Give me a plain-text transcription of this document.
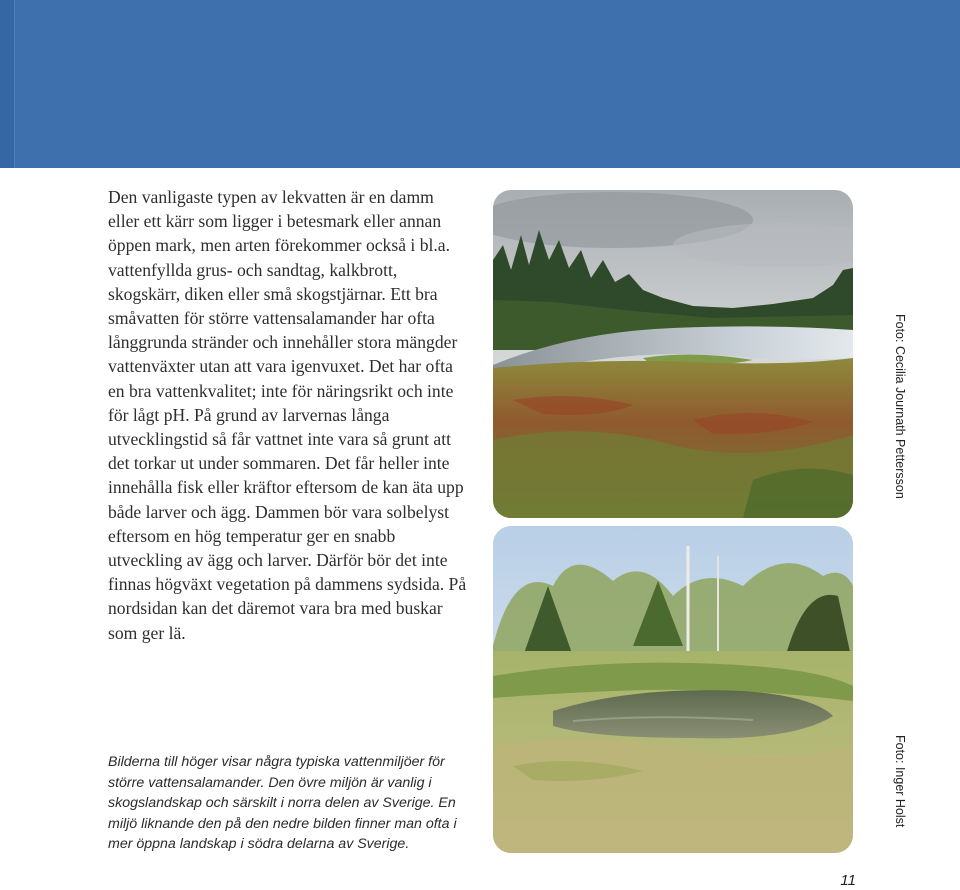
Den vanligaste typen av lekvatten är en damm eller ett kärr som ligger i betesmark eller annan öppen mark, men arten förekommer också i bl.a. vattenfyllda grus- och sandtag, kalkbrott, skogskärr, diken eller små skogstjärnar. Ett bra småvatten för större vattensalamander har ofta långgrunda stränder och innehåller stora mängder vattenväxter utan att vara igenvuxet. Det har ofta en bra vattenkvalitet; inte för näringsrikt och inte för lågt pH. På grund av larvernas långa utvecklingstid så får vattnet inte vara så grunt att det torkar ut under sommaren. Det får heller inte innehålla fisk eller kräftor eftersom de kan äta upp både larver och ägg. Dammen bör vara solbelyst eftersom en hög temperatur ger en snabb utveckling av ägg och larver. Därför bör det inte finnas högväxt vegetation på dammens sydsida. På nordsidan kan det däremot vara bra med buskar som ger lä.

Foto: Cecilia Journath Pettersson
Foto: Inger Holst

Bilderna till höger visar några typiska vattenmiljöer för större vattensalamander. Den övre miljön är vanlig i skogslandskap och särskilt i norra delen av Sverige. En miljö liknande den på den nedre bilden finner man ofta i mer öppna landskap i södra delarna av Sverige.

11
